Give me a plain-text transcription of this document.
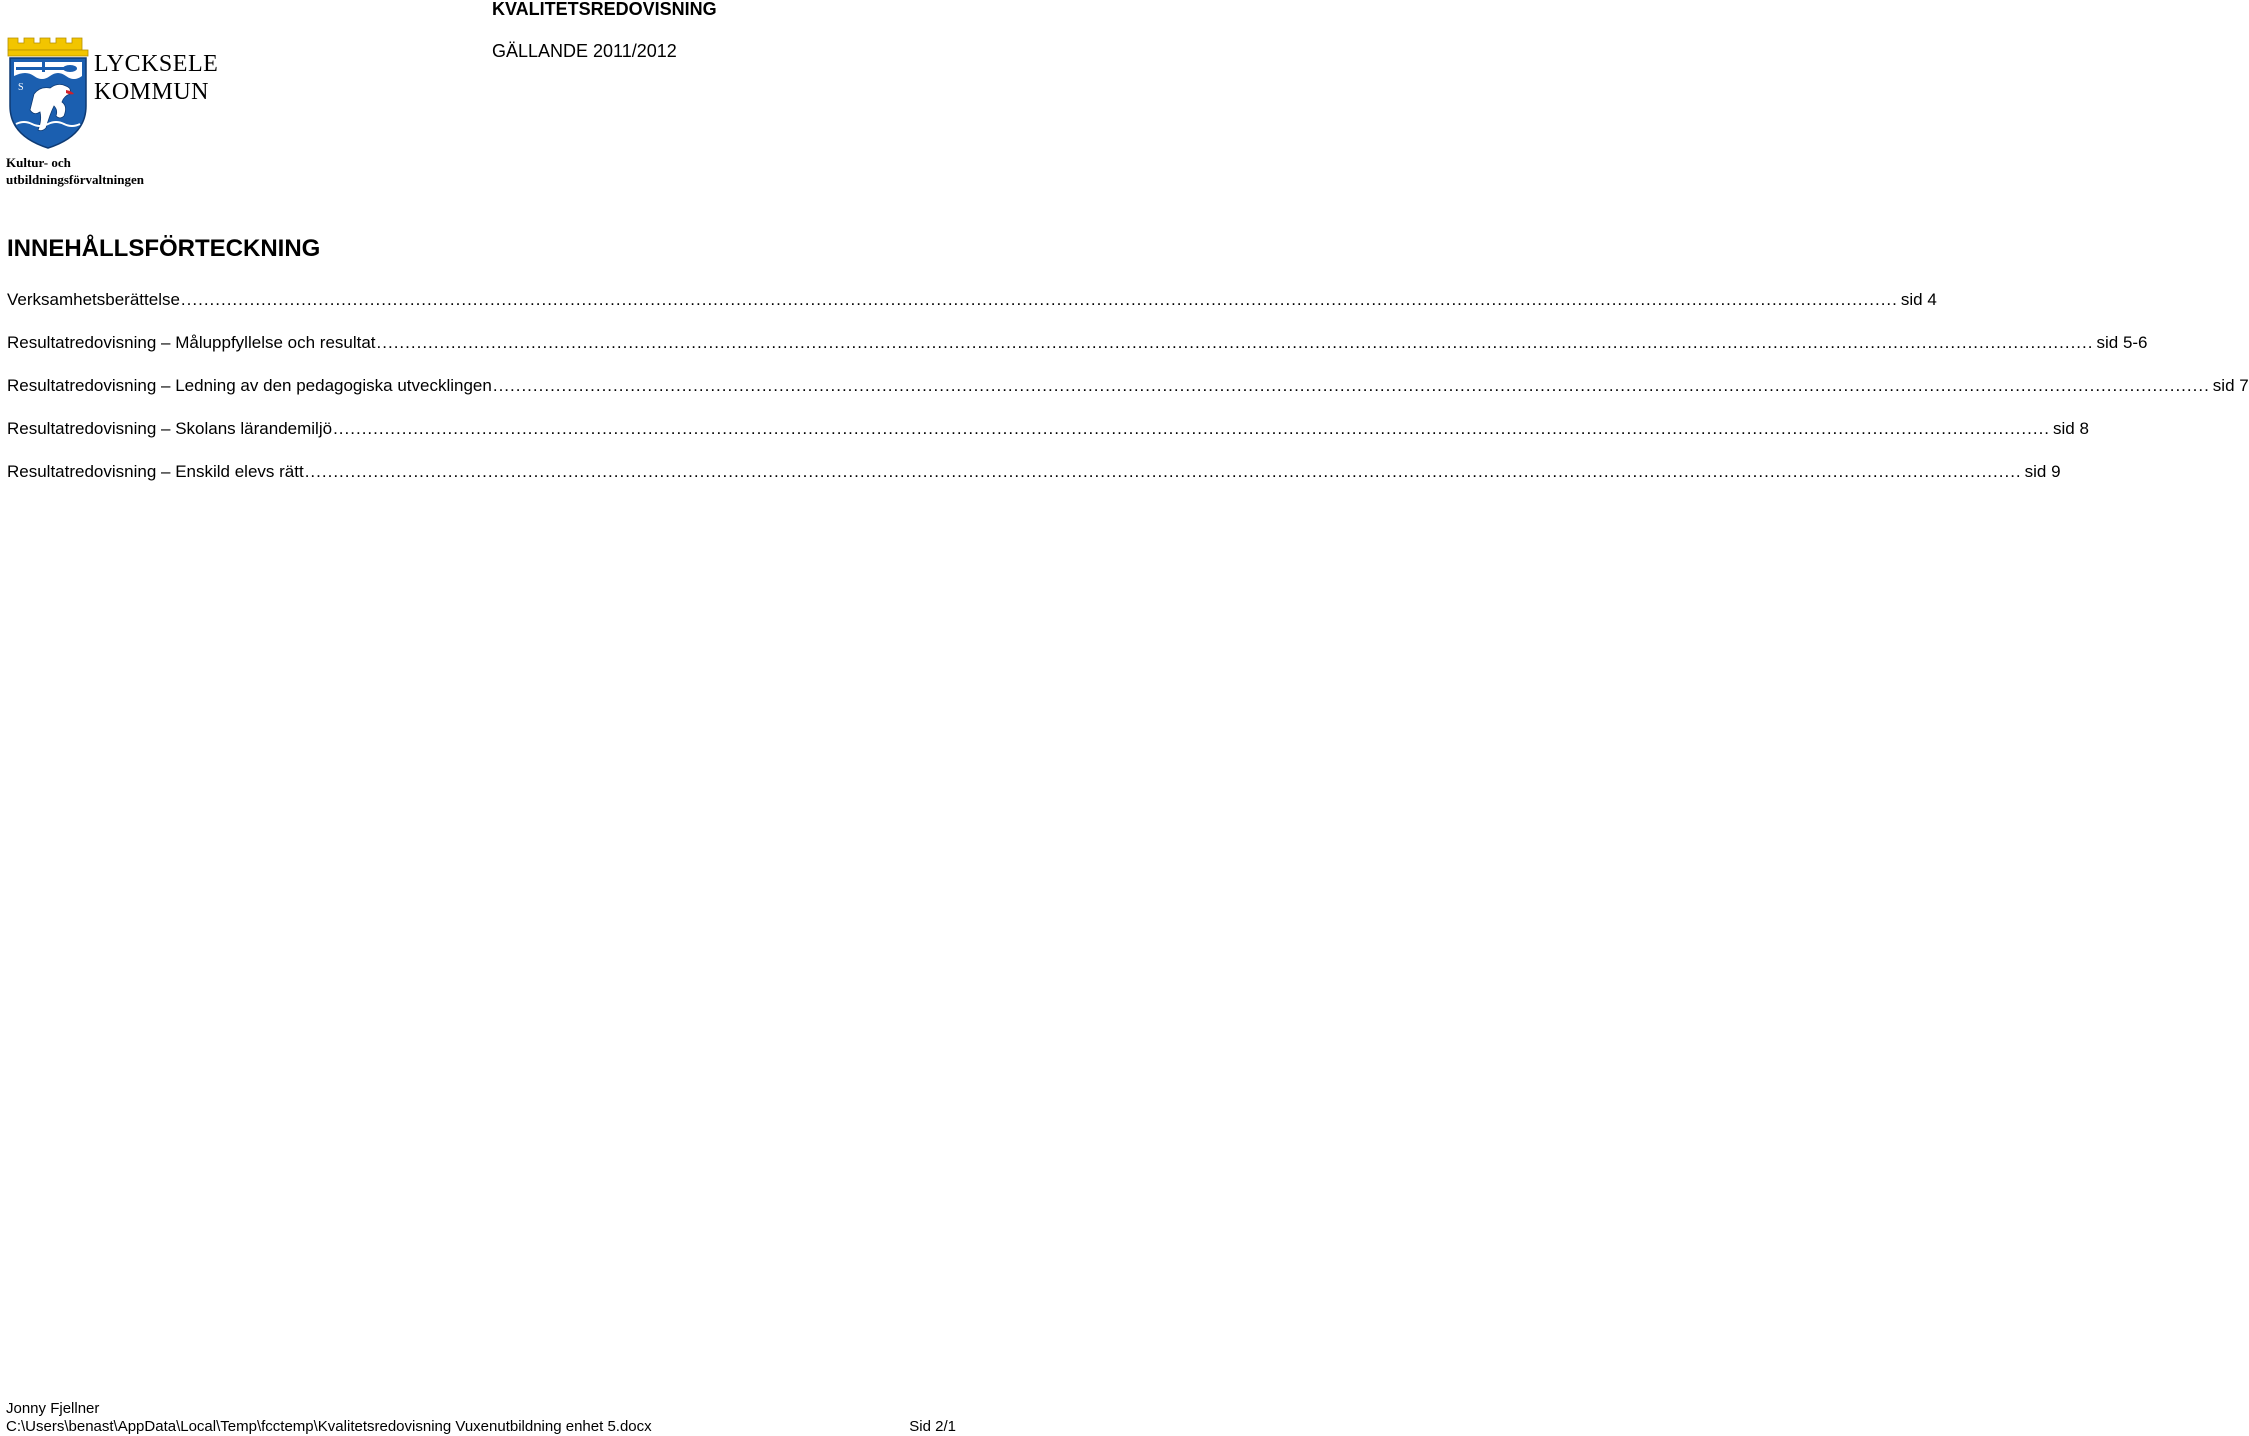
KVALITETSREDOVISNING
GÄLLANDE 2011/2012
S
LYCKSELE
KOMMUN
Kultur- och
utbildningsförvaltningen
INNEHÅLLSFÖRTECKNING
Verksamhetsberättelse ............................................................................................................................................................................................................................................................................................................ sid 4
Resultatredovisning – Måluppfyllelse och resultat ............................................................................................................................................................................................................................................................................................................ sid 5-6
Resultatredovisning – Ledning av den pedagogiska utvecklingen ............................................................................................................................................................................................................................................................................................................ sid 7
Resultatredovisning – Skolans lärandemiljö ............................................................................................................................................................................................................................................................................................................ sid 8
Resultatredovisning – Enskild elevs rätt ............................................................................................................................................................................................................................................................................................................ sid 9
Jonny Fjellner
C:\Users\benast\AppData\Local\Temp\fcctemp\Kvalitetsredovisning Vuxenutbildning enhet 5.docx	Sid 2/1
